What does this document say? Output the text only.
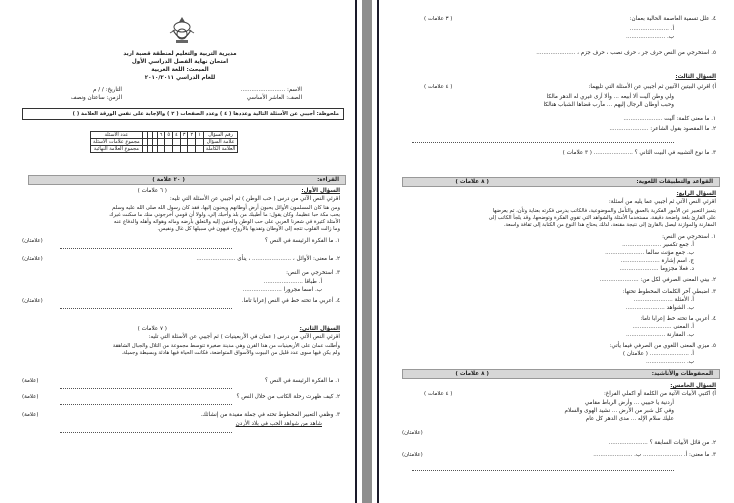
مديرية التربية والتعليم لمنطقة قصبة اربد
امتحان نهاية الفصل الدراسي الأول
المبحث: اللغة العربية
للعام الدراسي ٢٠١٠/٢٠١١
الاسم: .........................
الصف: العاشر الأساسي
التاريخ: / / م
الزمن: ساعتان ونصف
ملحوظة: أجيبي عن الأسئلة التالية وعددها ( ٤ ) وعدد الصفحات ( ٢ ) والإجابة على نفس الورقة العلامة ( )
عدد الأسئلة				٦	٥	٤	٣	٢	١	رقم السؤال
مجموع علامات الأسئلة										علامة السؤال
مجموع العلامة النهائية										العلامة الكاملة
القراءة:
( ٢٠ علامة )
السؤال الأول:
( ٦ علامات )
اقرئي النص الآتي من درس ( حب الوطن ) ثم أجيبي عن الأسئلة التي تليه:
ومن هنا كان المسلمون الأوائل يحبون أرض أوطانهم ويحنون إليها، فقد كان رسول الله صلى الله عليه وسلم
يحب مكة حبا عظيما، وكان يقول: ما أطيبك من بلد وأحبك إلي، ولولا أن قومي أخرجوني منك ما سكنت غيرك
الأمثلة كثيرة في شعرنا العربي على حب الوطن والحنين إليه والتعلق بأرضه ومائه وهوائه وأهله والدفاع عنه
وما زالت القلوب تتجه إلى الأوطان وتفديها بالأرواح، فيهون في سبيلها كل غال ونفيس.
١. ما الفكرة الرئيسة في النص ؟
(علامتان)
٢. ما معنى: الأوائل ، ...................... ، ينأى ......................
(علامتان)
٣. استخرجي من النص:
أ. طباقا ......................
ب. اسما مجرورا ......................
٤. أعربي ما تحته خط في النص إعرابا تاما.
(علامتان)
السؤال الثاني:
( ٧ علامات )
اقرئي النص الآتي من درس ( عمان في الأربعينيات ) ثم أجيبي عن الأسئلة التي تليه:
وأطلت عمان على الأربعينيات من هذا القرن وهي مدينة صغيرة تتوسط مجموعة من التلال والجبال الشاهقة
ولم يكن فيها سوى عدد قليل من البيوت والأسواق المتواضعة، فكانت الحياة فيها هادئة وبسيطة وجميلة.
١. ما الفكرة الرئيسة في النص ؟
(علامة)
٢. كيف ظهرت رحلة الكاتب من خلال النص ؟
(علامة)
٣. وظفي التعبير المخطوط تحته في جملة مفيدة من إنشائك.
(علامة)
شاهد من شواهد الحب في بلاد الأردن
٤. علل تسمية العاصمة الحالية بعمان:
( ٣ علامات )
أ. ......................
ب. ......................
٥. استخرجي من النص حرف جر ، حرف نصب ، حرف جزم ، ......................
السؤال الثالث:
أ) اقرئي البيتين الآتيين ثم أجيبي عن الأسئلة التي تليهما:
( ٤ علامات )
ولي وطن آليت ألا أبيعه ... وألا أرى غيري له الدهر مالكا
وحبب أوطان الرجال إليهم ... مآرب قضاها الشباب هنالكا
١. ما معنى كلمة: آليت ......................
٢. ما المقصود بقول الشاعر: ......................
٣. ما نوع التشبيه في البيت الثاني ؟ ...................... ( ٣ علامات )
القواعد والتطبيقات اللغوية:
( ٨ علامات )
السؤال الرابع:
اقرئي النص الآتي ثم أجيبي عما يليه من أسئلة:
يتميز التعبير عن الأمور الفكرية بالعمق والتأمل والموضوعية، فالكاتب يدرس فكرته بعناية وتأن، ثم يعرضها
على القارئ بلغة واضحة دقيقة، مستخدما الأمثلة والشواهد التي تقوي الفكرة وتوضحها، وقد يلجأ الكاتب إلى
المقارنة والموازنة ليصل بالقارئ إلى نتيجة مقنعة، لذلك يحتاج هذا النوع من الكتابة إلى ثقافة واسعة.
١. استخرجي من النص:
أ. جمع تكسير ......................
ب. جمع مؤنث سالما ......................
ج. اسم إشارة ......................
د. فعلا مجزوما ......................
٢. بيني المعنى الصرفي لكل من: ......................
٣. اضبطي آخر الكلمات المخطوط تحتها:
أ. الأمثلة ......................
ب. الشواهد ......................
٤. أعربي ما تحته خط إعرابا تاما:
أ. المعنى ......................
ب. المقارنة ......................
٥. ميزي المعنى اللغوي من الصرفي فيما يأتي:
أ. ...................... ( علامتان )
ب. ......................
المحفوظات والأناشيد:
( ٨ علامات )
السؤال الخامس:
أ) اكتبي الأبيات الآتية من الكلمة أو اكملي الفراغ:
( ٤ علامات )
أردنية يا حبيبي ... وأرض الرباط مقامي
وفي كل شبر من الأرض ... نشيد الهوى والسلام
عليك سلام الإله ... مدى الدهر كل عام
(علامتان)
٢. من قائل الأبيات السابقة ؟ ......................
٣. ما معنى: أ. ...................... ب. ......................
(علامتان)
